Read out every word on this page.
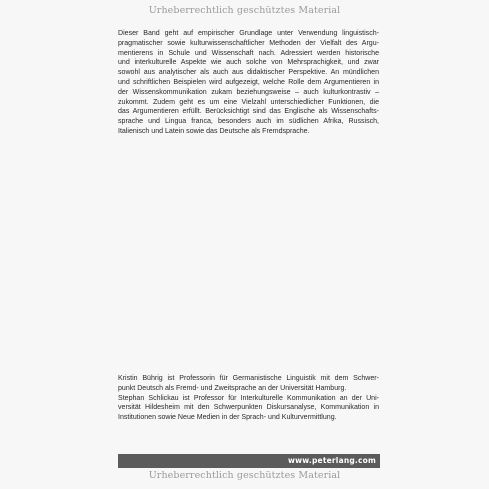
Urheberrechtlich geschütztes Material
Dieser Band geht auf empirischer Grundlage unter Verwendung linguistisch-
pragmatischer sowie kulturwissenschaftlicher Methoden der Vielfalt des Argu-
mentierens in Schule und Wissenschaft nach. Adressiert werden historische
und interkulturelle Aspekte wie auch solche von Mehrsprachigkeit, und zwar
sowohl aus analytischer als auch aus didaktischer Perspektive. An mündlichen
und schriftlichen Beispielen wird aufgezeigt, welche Rolle dem Argumentieren in
der Wissenskommunikation zukam beziehungsweise – auch kulturkontrastiv –
zukommt. Zudem geht es um eine Vielzahl unterschiedlicher Funktionen, die
das Argumentieren erfüllt. Berücksichtigt sind das Englische als Wissenschafts-
sprache und Lingua franca, besonders auch im südlichen Afrika, Russisch,
Italienisch und Latein sowie das Deutsche als Fremdsprache.
Kristin Bührig ist Professorin für Germanistische Linguistik mit dem Schwer-
punkt Deutsch als Fremd- und Zweitsprache an der Universität Hamburg.
Stephan Schlickau ist Professor für Interkulturelle Kommunikation an der Uni-
versität Hildesheim mit den Schwerpunkten Diskursanalyse, Kommunikation in
Institutionen sowie Neue Medien in der Sprach- und Kulturvermittlung.
www.peterlang.com
Urheberrechtlich geschütztes Material
